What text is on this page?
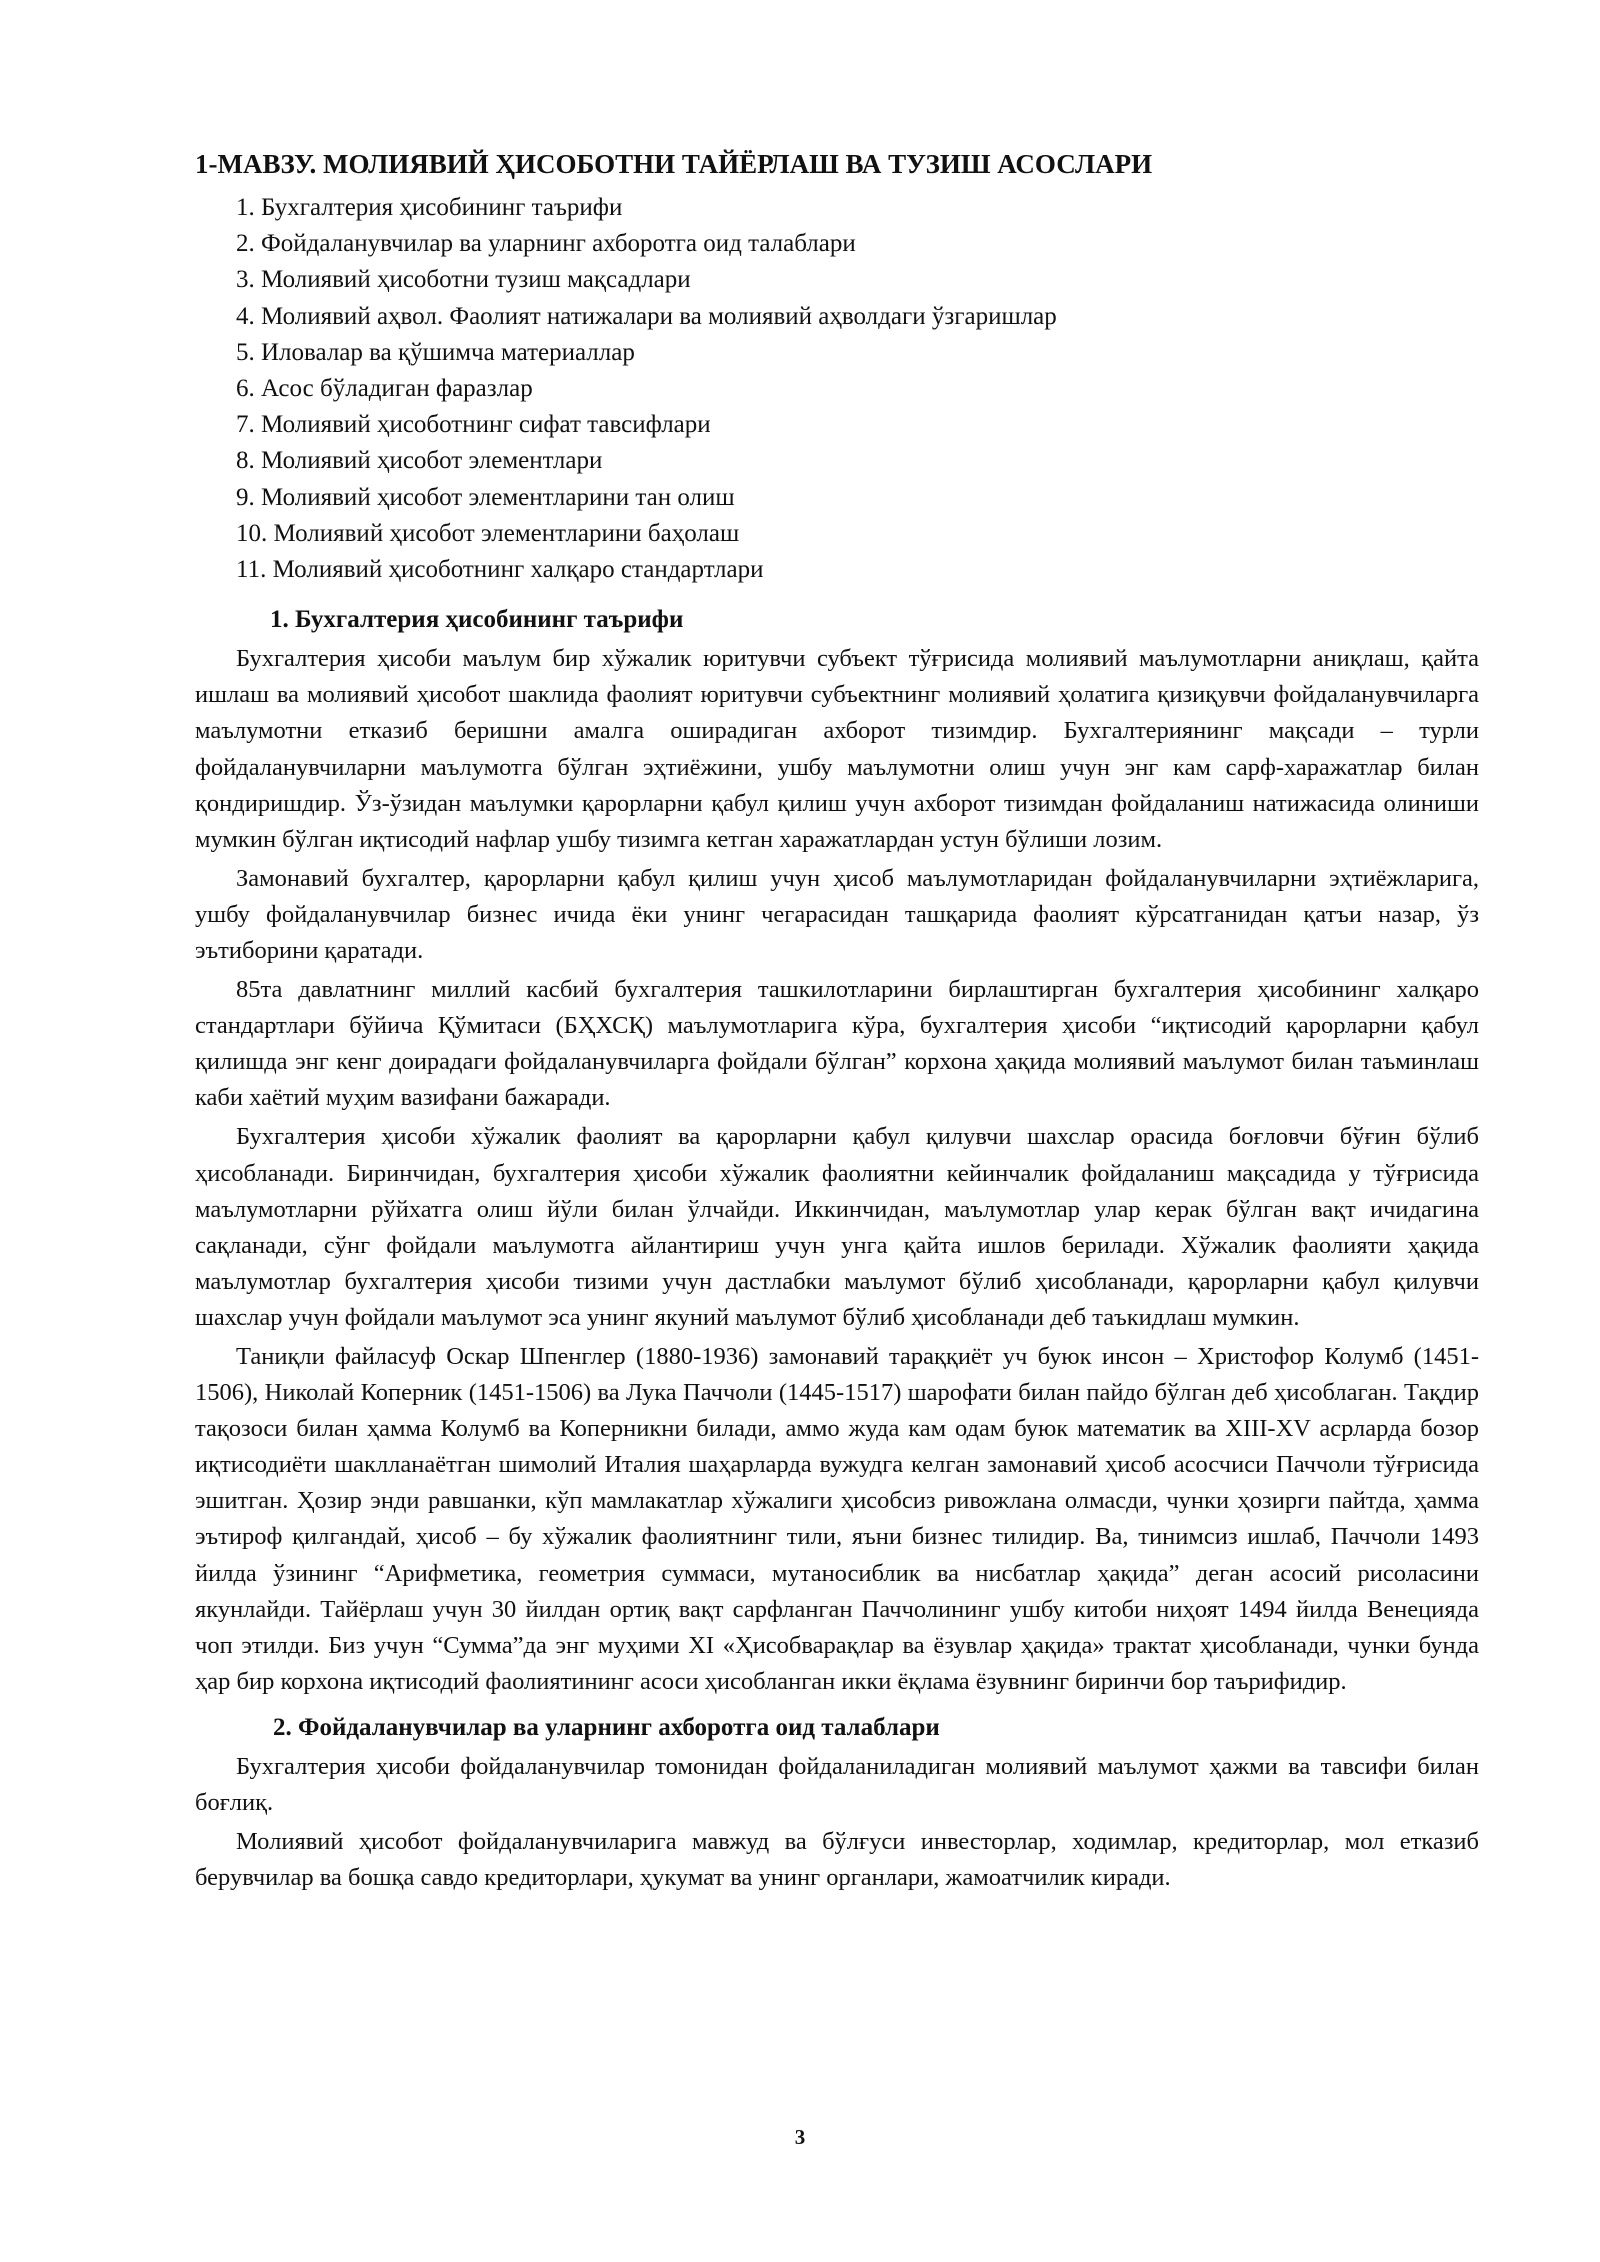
1-МАВЗУ. МОЛИЯВИЙ ҲИСОБОТНИ ТАЙЁРЛАШ ВА ТУЗИШ АСОСЛАРИ
1. Бухгалтерия ҳисобининг таърифи
2. Фойдаланувчилар ва уларнинг ахборотга оид талаблари
3. Молиявий ҳисоботни тузиш мақсадлари
4. Молиявий аҳвол. Фаолият натижалари ва молиявий аҳволдаги ўзгаришлар
5. Иловалар ва қўшимча материаллар
6. Асос бўладиган фаразлар
7. Молиявий ҳисоботнинг сифат тавсифлари
8. Молиявий ҳисобот элементлари
9. Молиявий ҳисобот элементларини тан олиш
10. Молиявий ҳисобот элементларини баҳолаш
11. Молиявий ҳисоботнинг халқаро стандартлари
1. Бухгалтерия ҳисобининг таърифи

Бухгалтерия ҳисоби маълум бир хўжалик юритувчи субъект тўғрисида молиявий маълумотларни аниқлаш, қайта ишлаш ва молиявий ҳисобот шаклида фаолият юритувчи субъектнинг молиявий ҳолатига қизиқувчи фойдаланувчиларга маълумотни етказиб беришни амалга оширадиган ахборот тизимдир. Бухгалтериянинг мақсади – турли фойдаланувчиларни маълумотга бўлган эҳтиёжини, ушбу маълумотни олиш учун энг кам сарф-харажатлар билан қондиришдир. Ўз-ўзидан маълумки қарорларни қабул қилиш учун ахборот тизимдан фойдаланиш натижасида олиниши мумкин бўлган иқтисодий нафлар ушбу тизимга кетган харажатлардан устун бўлиши лозим.

Замонавий бухгалтер, қарорларни қабул қилиш учун ҳисоб маълумотларидан фойдаланувчиларни эҳтиёжларига, ушбу фойдаланувчилар бизнес ичида ёки унинг чегарасидан ташқарида фаолият кўрсатганидан қатъи назар, ўз эътиборини қаратади.

85та давлатнинг миллий касбий бухгалтерия ташкилотларини бирлаштирган бухгалтерия ҳисобининг халқаро стандартлари бўйича Қўмитаси (БҲХСҚ) маълумотларига кўра, бухгалтерия ҳисоби “иқтисодий қарорларни қабул қилишда энг кенг доирадаги фойдаланувчиларга фойдали бўлган” корхона ҳақида молиявий маълумот билан таъминлаш каби хаётий муҳим вазифани бажаради.

Бухгалтерия ҳисоби хўжалик фаолият ва қарорларни қабул қилувчи шахслар орасида боғловчи бўғин бўлиб ҳисобланади. Биринчидан, бухгалтерия ҳисоби хўжалик фаолиятни кейинчалик фойдаланиш мақсадида у тўғрисида маълумотларни рўйхатга олиш йўли билан ўлчайди. Иккинчидан, маълумотлар улар керак бўлган вақт ичидагина сақланади, сўнг фойдали маълумотга айлантириш учун унга қайта ишлов берилади. Хўжалик фаолияти ҳақида маълумотлар бухгалтерия ҳисоби тизими учун дастлабки маълумот бўлиб ҳисобланади, қарорларни қабул қилувчи шахслар учун фойдали маълумот эса унинг якуний маълумот бўлиб ҳисобланади деб таъкидлаш мумкин.

Таниқли файласуф Оскар Шпенглер (1880-1936) замонавий тараққиёт уч буюк инсон – Христофор Колумб (1451-1506), Николай Коперник (1451-1506) ва Лука Паччоли (1445-1517) шарофати билан пайдо бўлган деб ҳисоблаган. Тақдир тақозоси билан ҳамма Колумб ва Коперникни билади, аммо жуда кам одам буюк математик ва XIII-XV асрларда бозор иқтисодиёти шаклланаётган шимолий Италия шаҳарларда вужудга келган замонавий ҳисоб асосчиси Паччоли тўғрисида эшитган. Ҳозир энди равшанки, кўп мамлакатлар хўжалиги ҳисобсиз ривожлана олмасди, чунки ҳозирги пайтда, ҳамма эътироф қилгандай, ҳисоб – бу хўжалик фаолиятнинг тили, яъни бизнес тилидир. Ва, тинимсиз ишлаб, Паччоли 1493 йилда ўзининг “Арифметика, геометрия суммаси, мутаносиблик ва нисбатлар ҳақида” деган асосий рисоласини якунлайди. Тайёрлаш учун 30 йилдан ортиқ вақт сарфланган Паччолининг ушбу китоби ниҳоят 1494 йилда Венецияда чоп этилди. Биз учун “Сумма”да энг муҳими XI «Ҳисобварақлар ва ёзувлар ҳақида» трактат ҳисобланади, чунки бунда ҳар бир корхона иқтисодий фаолиятининг асоси ҳисобланган икки ёқлама ёзувнинг биринчи бор таърифидир.

2. Фойдаланувчилар ва уларнинг ахборотга оид талаблари

Бухгалтерия ҳисоби фойдаланувчилар томонидан фойдаланиладиган молиявий маълумот ҳажми ва тавсифи билан боғлиқ.

Молиявий ҳисобот фойдаланувчиларига мавжуд ва бўлғуси инвесторлар, ходимлар, кредиторлар, мол етказиб берувчилар ва бошқа савдо кредиторлари, ҳукумат ва унинг органлари, жамоатчилик киради.

3
